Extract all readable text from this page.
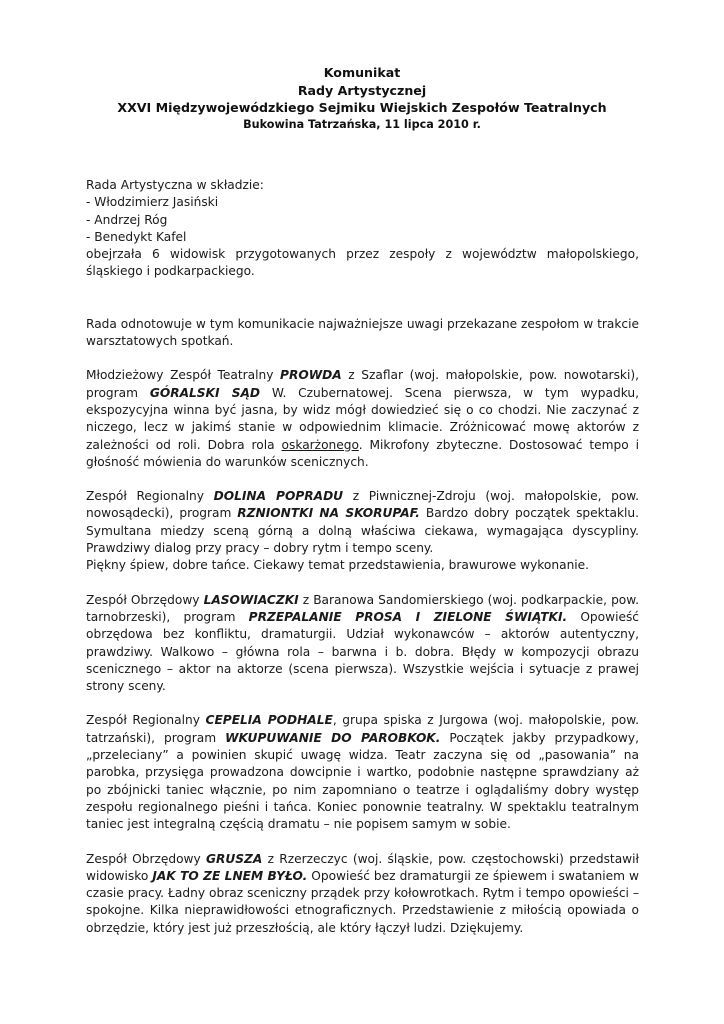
Komunikat
Rady Artystycznej
XXVI Międzywojewódzkiego Sejmiku Wiejskich Zespołów Teatralnych
Bukowina Tatrzańska, 11 lipca 2010 r.

Rada Artystyczna w składzie:

- Włodzimierz Jasiński

- Andrzej Róg

- Benedykt Kafel

obejrzała 6 widowisk przygotowanych przez zespoły z województw małopolskiego, śląskiego i podkarpackiego.

Rada odnotowuje w tym komunikacie najważniejsze uwagi przekazane zespołom w trakcie warsztatowych spotkań.

Młodzieżowy Zespół Teatralny PROWDA z Szaflar (woj. małopolskie, pow. nowotarski), program GÓRALSKI SĄD W. Czubernatowej. Scena pierwsza, w tym wypadku, ekspozycyjna winna być jasna, by widz mógł dowiedzieć się o co chodzi. Nie zaczynać z niczego, lecz w jakimś stanie w odpowiednim klimacie. Zróżnicować mowę aktorów z zależności od roli. Dobra rola oskarżonego. Mikrofony zbyteczne. Dostosować tempo i głośność mówienia do warunków scenicznych.

Zespół Regionalny DOLINA POPRADU z Piwnicznej-Zdroju (woj. małopolskie, pow. nowosądecki), program RZNIONTKI NA SKORUPAF. Bardzo dobry początek spektaklu. Symultana miedzy sceną górną a dolną właściwa ciekawa, wymagająca dyscypliny. Prawdziwy dialog przy pracy – dobry rytm i tempo sceny.

Piękny śpiew, dobre tańce. Ciekawy temat przedstawienia, brawurowe wykonanie.

Zespół Obrzędowy LASOWIACZKI z Baranowa Sandomierskiego (woj. podkarpackie, pow. tarnobrzeski), program PRZEPALANIE PROSA I ZIELONE ŚWIĄTKI. Opowieść obrzędowa bez konfliktu, dramaturgii. Udział wykonawców – aktorów autentyczny, prawdziwy. Walkowo – główna rola – barwna i b. dobra. Błędy w kompozycji obrazu scenicznego – aktor na aktorze (scena pierwsza). Wszystkie wejścia i sytuacje z prawej strony sceny.

Zespół Regionalny CEPELIA PODHALE, grupa spiska z Jurgowa (woj. małopolskie, pow. tatrzański), program WKUPUWANIE DO PAROBKOK. Początek jakby przypadkowy, „przeleciany” a powinien skupić uwagę widza. Teatr zaczyna się od „pasowania” na parobka, przysięga prowadzona dowcipnie i wartko, podobnie następne sprawdziany aż po zbójnicki taniec włącznie, po nim zapomniano o teatrze i oglądaliśmy dobry występ zespołu regionalnego pieśni i tańca. Koniec ponownie teatralny. W spektaklu teatralnym taniec jest integralną częścią dramatu – nie popisem samym w sobie.

Zespół Obrzędowy GRUSZA z Rzerzeczyc (woj. śląskie, pow. częstochowski) przedstawił widowisko JAK TO ZE LNEM BYŁO. Opowieść bez dramaturgii ze śpiewem i swataniem w czasie pracy. Ładny obraz sceniczny prządek przy kołowrotkach. Rytm i tempo opowieści – spokojne. Kilka nieprawidłowości etnograficznych. Przedstawienie z miłością opowiada o obrzędzie, który jest już przeszłością, ale który łączył ludzi. Dziękujemy.
